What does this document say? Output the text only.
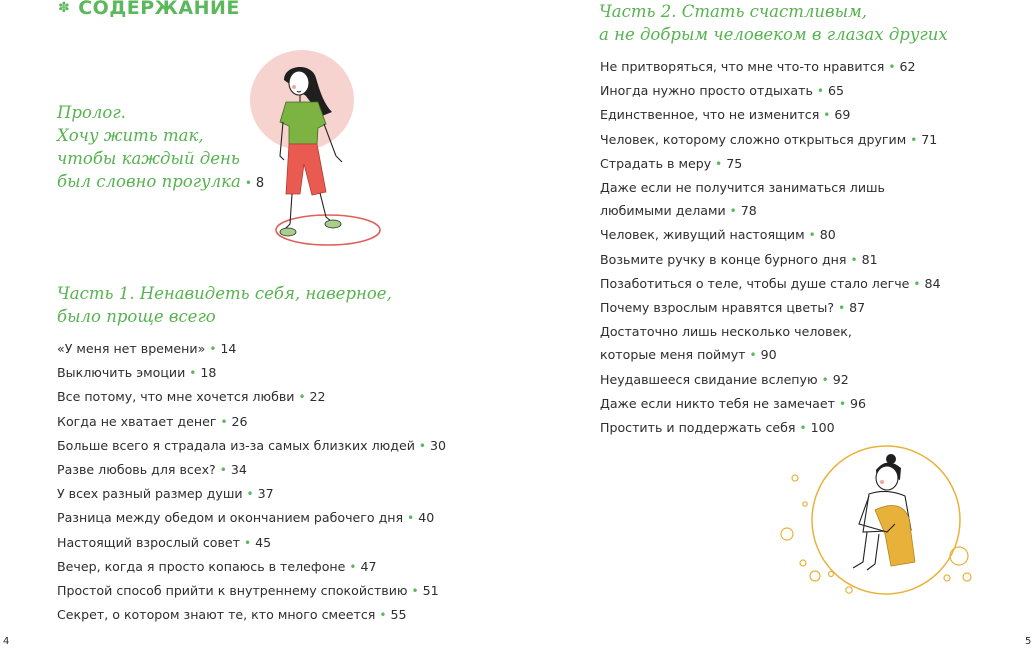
✽ СОДЕРЖАНИЕ
Пролог.
Хочу жить так,
чтобы каждый день
был словно прогулка • 8
Часть 1. Ненавидеть себя, наверное,
было проще всего
«У меня нет времени» • 14
Выключить эмоции • 18
Все потому, что мне хочется любви • 22
Когда не хватает денег • 26
Больше всего я страдала из-за самых близких людей • 30
Разве любовь для всех? • 34
У всех разный размер души • 37
Разница между обедом и окончанием рабочего дня • 40
Настоящий взрослый совет • 45
Вечер, когда я просто копаюсь в телефоне • 47
Простой способ прийти к внутреннему спокойствию • 51
Секрет, о котором знают те, кто много смеется • 55
4
Часть 2. Стать счастливым,
а не добрым человеком в глазах других
Не притворяться, что мне что-то нравится • 62
Иногда нужно просто отдыхать • 65
Единственное, что не изменится • 69
Человек, которому сложно открыться другим • 71
Страдать в меру • 75
Даже если не получится заниматься лишь
любимыми делами • 78
Человек, живущий настоящим • 80
Возьмите ручку в конце бурного дня • 81
Позаботиться о теле, чтобы душе стало легче • 84
Почему взрослым нравятся цветы? • 87
Достаточно лишь несколько человек,
которые меня поймут • 90
Неудавшееся свидание вслепую • 92
Даже если никто тебя не замечает • 96
Простить и поддержать себя • 100
5
